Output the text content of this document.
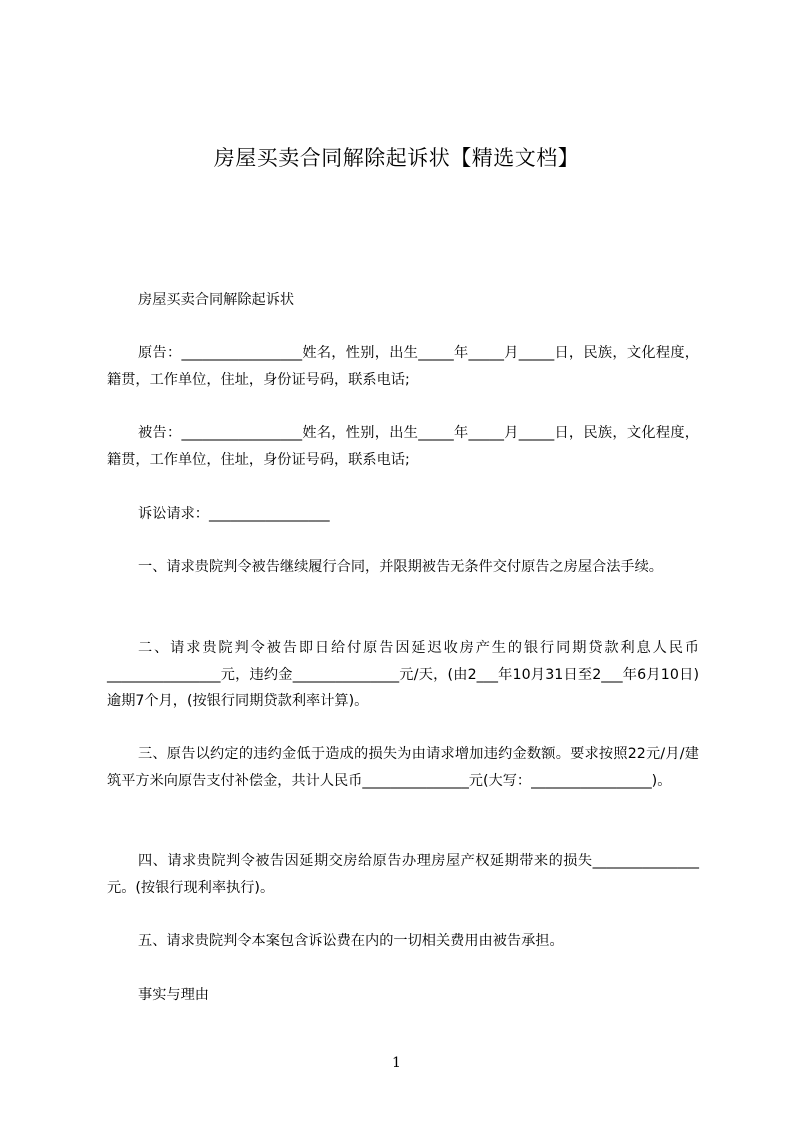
房屋买卖合同解除起诉状【精选文档】
房屋买卖合同解除起诉状
原告：_________________姓名，性别，出生_____年_____月_____日，民族，文化程度，籍贯，工作单位，住址，身份证号码，联系电话;
被告：_________________姓名，性别，出生_____年_____月_____日，民族，文化程度，籍贯，工作单位，住址，身份证号码，联系电话;
诉讼请求：_________________
一、请求贵院判令被告继续履行合同，并限期被告无条件交付原告之房屋合法手续。
二、请求贵院判令被告即日给付原告因延迟收房产生的银行同期贷款利息人民币________________元，违约金_______________元/天，(由2___年10月31日至2___年6月10日)逾期7个月，(按银行同期贷款利率计算)。
三、原告以约定的违约金低于造成的损失为由请求增加违约金数额。要求按照22元/月/建筑平方米向原告支付补偿金，共计人民币_______________元(大写：_________________)。
四、请求贵院判令被告因延期交房给原告办理房屋产权延期带来的损失_______________元。(按银行现利率执行)。
五、请求贵院判令本案包含诉讼费在内的一切相关费用由被告承担。
事实与理由
1
